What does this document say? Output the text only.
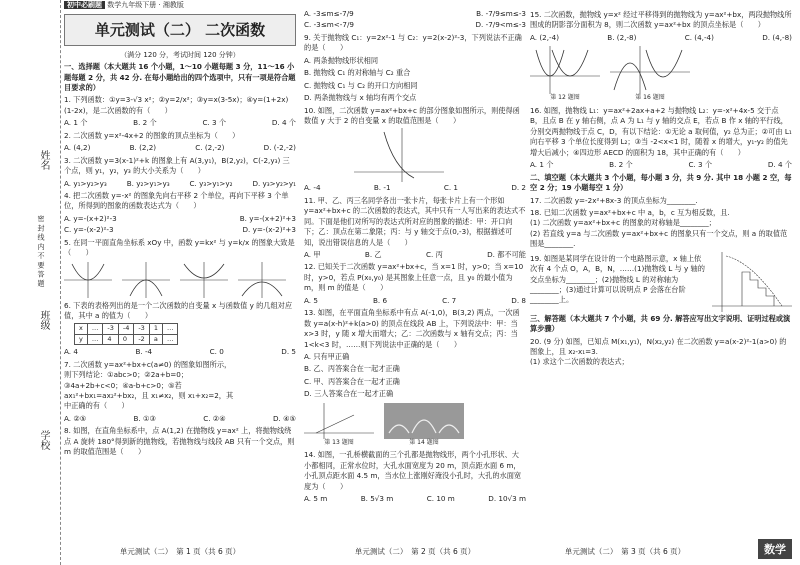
姓名
密 封 线 内 不 要 答 题
班级
学校
初中必刷题 数学九年级下册 · 湘教版
单元测试（二） 二次函数
（满分 120 分，考试时间 120 分钟）
一、选择题（本大题共 16 个小题，1～10 小题每题 3 分，11～16 小题每题 2 分，共 42 分. 在每小题给出的四个选项中，只有一项是符合题目要求的）
1. 下列函数：①y=3-√3 x²；②y=2/x²；③y=x(3-5x)；④y=(1+2x)(1-2x)，是二次函数的有（　　）
A. 1 个	B. 2 个	C. 3 个	D. 4 个
2. 二次函数 y=x²-4x+2 的图象的顶点坐标为（　　）
A. (4,2)	B. (2,2)	C. (2,-2)	D. (-2,-2)
3. 二次函数 y=3(x-1)²+k 的图象上有 A(3,y₁)，B(2,y₂)，C(-2,y₃) 三个点，则 y₁，y₂，y₃ 的大小关系为（　　）
A. y₁>y₂>y₃	B. y₂>y₁>y₃	C. y₃>y₁>y₂	D. y₃>y₂>y₁
4. 把二次函数 y=-x² 的图象先向右平移 2 个单位，再向下平移 3 个单位，所得到的图象的函数表达式为（　　）
A. y=-(x+2)²-3	B. y=-(x+2)²+3
C. y=-(x-2)²-3	D. y=-(x-2)²+3
5. 在同一平面直角坐标系 xOy 中，函数 y=kx² 与 y=k/x 的图象大致是（　　）
6. 下表的表格列出的是一个二次函数的自变量 x 与函数值 y 的几组对应值，其中 a 的值为（　　）
x	…	-3	-4	-3	1	…
y	…	4	0	-2	a	…
A. 4	B. -4	C. 0	D. 5
7. 二次函数 y=ax²+bx+c(a≠0) 的图象如图所示，则下列结论：①abc>0；②2a+b=0；③4a+2b+c<0；④a-b+c>0；⑤若 ax₁²+bx₁=ax₂²+bx₂，且 x₁≠x₂，则 x₁+x₂=2，其中正确的有（　　）
A. ②⑤	B. ①③	C. ②④	D. ④⑤
8. 如图，在直角坐标系中，点 A(1,2) 在抛物线 y=ax² 上，将抛物线绕点 A 旋转 180°得到新的抛物线，若抛物线与线段 AB 只有一个交点，则 m 的取值范围是（　　）
单元测试（二）　第 1 页（共 6 页）
A. -3≤m≤-7/9	B. -7/9≤m≤-3
C. -3≤m<-7/9	D. -7/9<m≤-3
9. 关于抛物线 C₁：y=2x²-1 与 C₂：y=2(x-2)²-3，下列说法不正确的是（　　）
A. 两条抛物线形状相同
B. 抛物线 C₁ 的对称轴与 C₂ 重合
C. 抛物线 C₁ 与 C₂ 的开口方向相同
D. 两条抛物线与 x 轴均有两个交点
10. 如图，二次函数 y=ax²+bx+c 的部分图象如图所示，则使得函数值 y 大于 2 的自变量 x 的取值范围是（　　）
A. -4	B. -1	C. 1	D. 2
11. 甲、乙、丙三名同学各出一张卡片，每张卡片上有一个形如 y=ax²+bx+c 的二次函数的表达式，其中只有一人写出来的表达式不同。下面是他们对所写的表达式所对应的图象的描述：甲：开口向下；乙：顶点在第二象限；丙：与 y 轴交于点(0,-3)，根据描述可知，说出错误信息的人是（　　）
A. 甲	B. 乙	C. 丙	D. 都不可能
12. 已知关于二次函数 y=ax²+bx+c，当 x=1 时，y>0；当 x=10 时，y>0，若点 P(x₀,y₀) 是其图象上任意一点，且 y₀ 的最小值为 m，则 m 的值是（　　）
A. 5	B. 6	C. 7	D. 8
13. 如图，在平面直角坐标系中有点 A(-1,0)，B(3,2) 两点，一次函数 y=a(x-h)²+k(a>0) 的顶点在线段 AB 上，下列说法中：甲：当 x>3 时，y 随 x 增大而增大；乙：二次函数与 x 轴有交点；丙：当 1<k<3 时，……则下列说法中正确的是（　　）
A. 只有甲正确
B. 乙、丙答案合在一起才正确
C. 甲、丙答案合在一起才正确
D. 三人答案合在一起才正确
第 13 题图	第 14 题图
14. 如图，一孔桥横截面的三个孔都是抛物线形，两个小孔形状、大小都相同，正常水位时，大孔水面宽度为 20 m，顶点距水面 6 m，小孔顶点距水面 4.5 m，当水位上涨刚好淹没小孔时，大孔的水面宽度为（　　）
A. 5 m	B. 5√3 m	C. 10 m	D. 10√3 m
单元测试（二）　第 2 页（共 6 页）
15. 二次函数，抛物线 y=x² 经过平移得到的抛物线为 y=ax²+bx，两段抛物线所围成的阴影部分面积为 8，则二次函数 y=ax²+bx 的顶点坐标是（　　）
A. (2,-4)	B. (2,-8)	C. (4,-4)	D. (4,-8)
第 12 题图	第 16 题图
16. 如图，抛物线 L₁：y=ax²+2ax+a+2 与抛物线 L₂：y=-x²+4x-5 交于点 B，且点 B 在 y 轴右侧，点 A 为 L₁ 与 y 轴的交点 E，若点 B 作 x 轴的平行线，分别交两抛物线于点 C，D，有以下结论：①无论 a 取何值，y₂ 总为正；②可由 L₁ 向右平移 3 个单位长度得到 L₂；③当 -2<x<1 时，随着 x 的增大，y₁-y₂ 的值先增大后减小；④四边形 AECD 的面积为 18，其中正确的有（　　）
A. 1 个	B. 2 个	C. 3 个	D. 4 个
二、填空题（本大题共 3 个小题，每小题 3 分，共 9 分. 其中 18 小题 2 空，每空 2 分；19 小题每空 1 分）
17. 二次函数 y=-2x²+8x-3 的顶点坐标为________.
18. 已知二次函数 y=ax²+bx+c 中 a，b，c 互为相反数，且.
(1) 二次函数 y=ax²+bx+c 的图象的对称轴是________；
(2) 若直线 y=a 与二次函数 y=ax²+bx+c 的图象只有一个交点，则 a 的取值范围是________.
19. 如图是某同学在设计的一个电路图示意，x 轴上依次有 4 个点 O，A，B，N，……(1)抛物线 L 与 y 轴的交点坐标为________；(2)抛物线 L 的对称轴为________；(3)通过计算可以说明点 P 会落在台阶________上。
三、解答题（本大题共 7 个小题，共 69 分. 解答应写出文字说明、证明过程或演算步骤）
20. (9 分) 如图，已知点 M(x₁,y₁)，N(x₂,y₂) 在二次函数 y=a(x-2)²-1(a>0) 的图象上，且 x₂-x₁=3.
(1) 求这个二次函数的表达式；
单元测试（二）　第 3 页（共 6 页）	数学
